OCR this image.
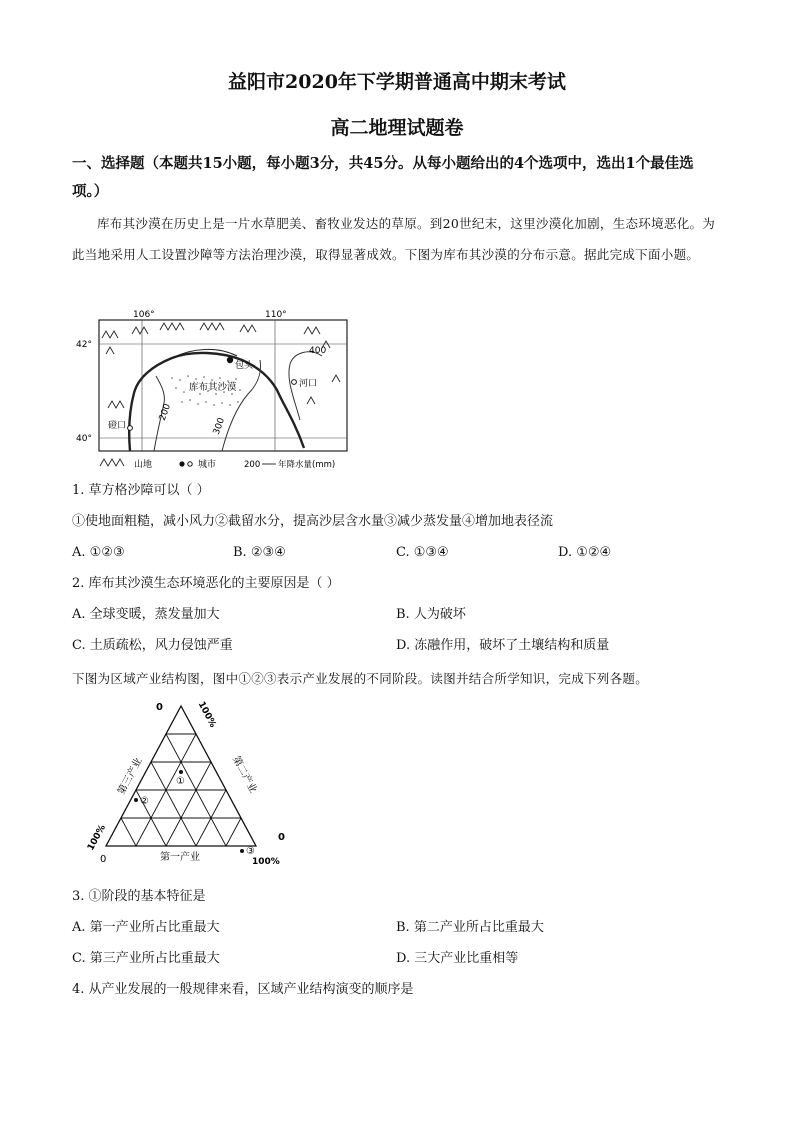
益阳市2020年下学期普通高中期末考试
高二地理试题卷
一、选择题（本题共15小题，每小题3分，共45分。从每小题给出的4个选项中，选出1个最佳选项。）
库布其沙漠在历史上是一片水草肥美、畜牧业发达的草原。到20世纪末，这里沙漠化加剧，生态环境恶化。为此当地采用人工设置沙障等方法治理沙漠，取得显著成效。下图为库布其沙漠的分布示意。据此完成下面小题。
106°	110°
42°
40°
200
300
400
包头
河口
磴口
库布其沙漠
山地	城市	200 年降水量(mm)
1. 草方格沙障可以（ ）
①使地面粗糙，减小风力②截留水分，提高沙层含水量③减少蒸发量④增加地表径流
A. ①②③	B. ②③④	C. ①③④	D. ①②④
2. 库布其沙漠生态环境恶化的主要原因是（ ）
A. 全球变暖，蒸发量加大	B. 人为破坏
C. 土质疏松，风力侵蚀严重	D. 冻融作用，破坏了土壤结构和质量
下图为区域产业结构图，图中①②③表示产业发展的不同阶段。读图并结合所学知识，完成下列各题。
0	100%
第三产业	第二产业
100%	0
0	第一产业	100%
①
②
③
3. ①阶段的基本特征是
A. 第一产业所占比重最大	B. 第二产业所占比重最大
C. 第三产业所占比重最大	D. 三大产业比重相等
4. 从产业发展的一般规律来看，区域产业结构演变的顺序是
